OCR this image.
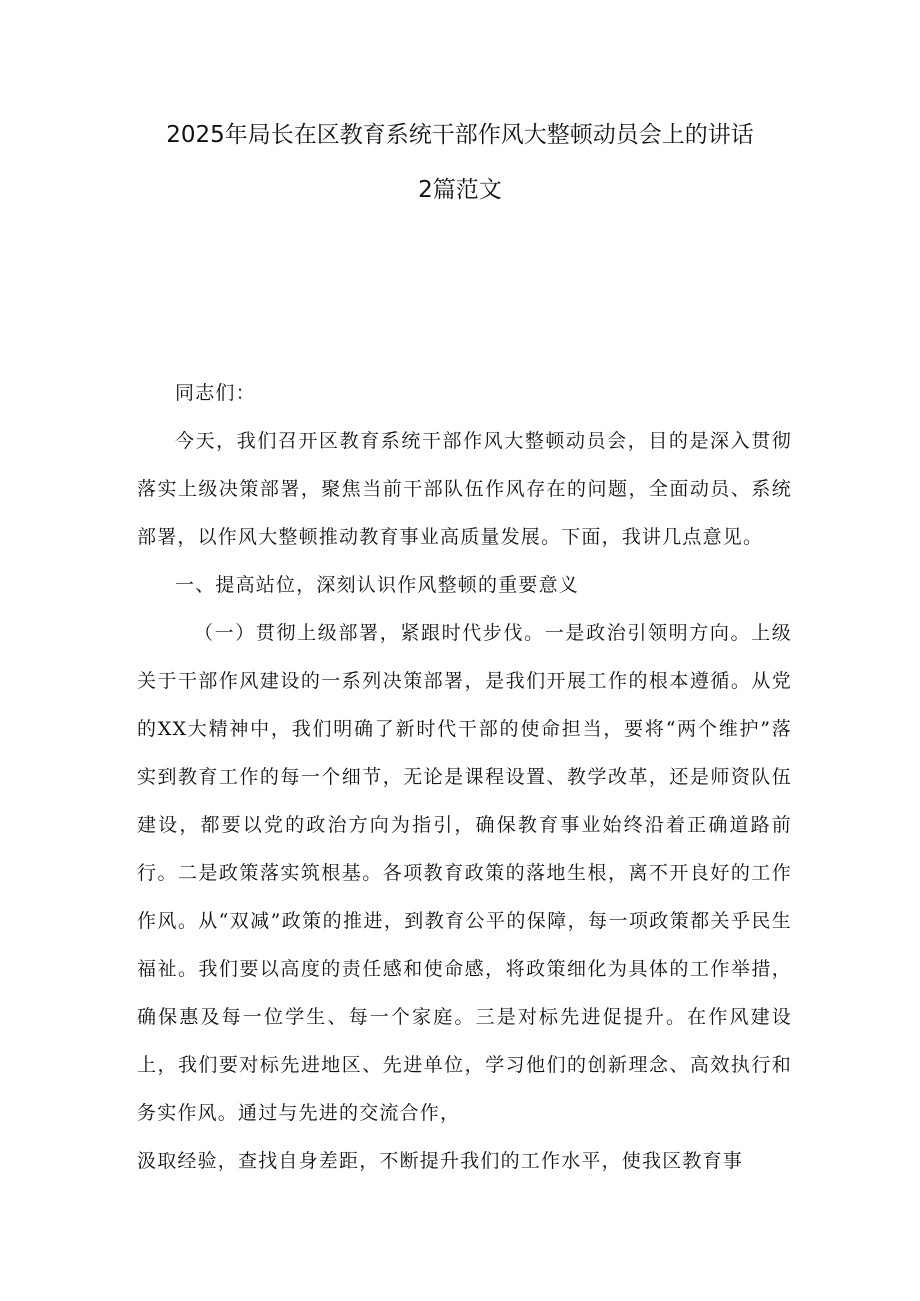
2025年局长在区教育系统干部作风大整顿动员会上的讲话
2篇范文

同志们：

今天，我们召开区教育系统干部作风大整顿动员会，目的是深入贯彻落实上级决策部署，聚焦当前干部队伍作风存在的问题，全面动员、系统部署，以作风大整顿推动教育事业高质量发展。下面，我讲几点意见。

一、提高站位，深刻认识作风整顿的重要意义

（一）贯彻上级部署，紧跟时代步伐。一是政治引领明方向。上级关于干部作风建设的一系列决策部署，是我们开展工作的根本遵循。从党的XX大精神中，我们明确了新时代干部的使命担当，要将“两个维护”落实到教育工作的每一个细节，无论是课程设置、教学改革，还是师资队伍建设，都要以党的政治方向为指引，确保教育事业始终沿着正确道路前行。二是政策落实筑根基。各项教育政策的落地生根，离不开良好的工作作风。从“双减”政策的推进，到教育公平的保障，每一项政策都关乎民生福祉。我们要以高度的责任感和使命感，将政策细化为具体的工作举措，确保惠及每一位学生、每一个家庭。三是对标先进促提升。在作风建设上，我们要对标先进地区、先进单位，学习他们的创新理念、高效执行和务实作风。通过与先进的交流合作，

汲取经验，查找自身差距，不断提升我们的工作水平，使我区教育事
